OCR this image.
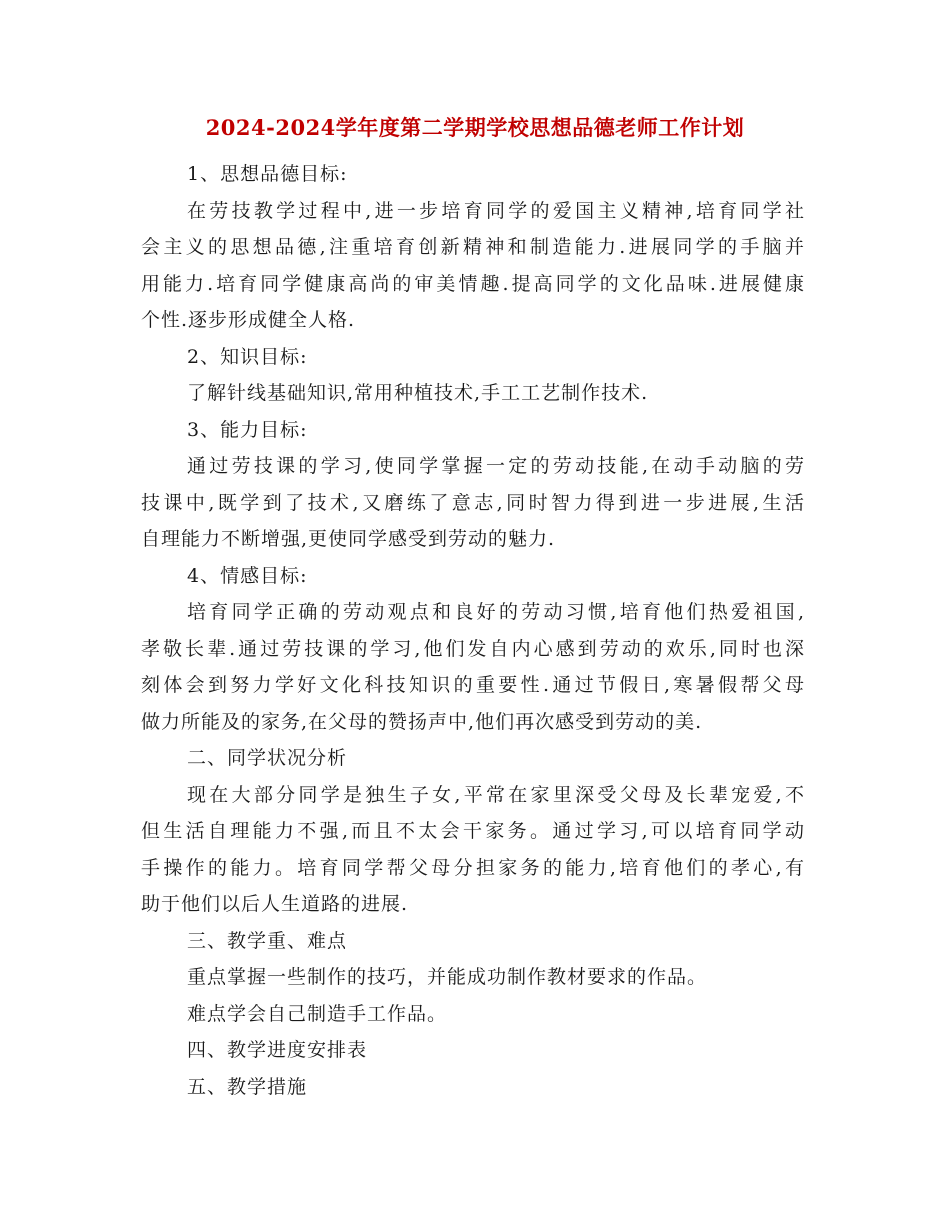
2024-2024学年度第二学期学校思想品德老师工作计划
1、思想品德目标:
在劳技教学过程中,进一步培育同学的爱国主义精神,培育同学社
会主义的思想品德,注重培育创新精神和制造能力.进展同学的手脑并
用能力.培育同学健康高尚的审美情趣.提高同学的文化品味.进展健康
个性.逐步形成健全人格.
2、知识目标:
了解针线基础知识,常用种植技术,手工工艺制作技术.
3、能力目标:
通过劳技课的学习,使同学掌握一定的劳动技能,在动手动脑的劳
技课中,既学到了技术,又磨练了意志,同时智力得到进一步进展,生活
自理能力不断增强,更使同学感受到劳动的魅力.
4、情感目标:
培育同学正确的劳动观点和良好的劳动习惯,培育他们热爱祖国,
孝敬长辈.通过劳技课的学习,他们发自内心感到劳动的欢乐,同时也深
刻体会到努力学好文化科技知识的重要性.通过节假日,寒暑假帮父母
做力所能及的家务,在父母的赞扬声中,他们再次感受到劳动的美.
二、同学状况分析
现在大部分同学是独生子女,平常在家里深受父母及长辈宠爱,不
但生活自理能力不强,而且不太会干家务。通过学习,可以培育同学动
手操作的能力。培育同学帮父母分担家务的能力,培育他们的孝心,有
助于他们以后人生道路的进展.
三、教学重、难点
重点掌握一些制作的技巧，并能成功制作教材要求的作品。
难点学会自己制造手工作品。
四、教学进度安排表
五、教学措施
